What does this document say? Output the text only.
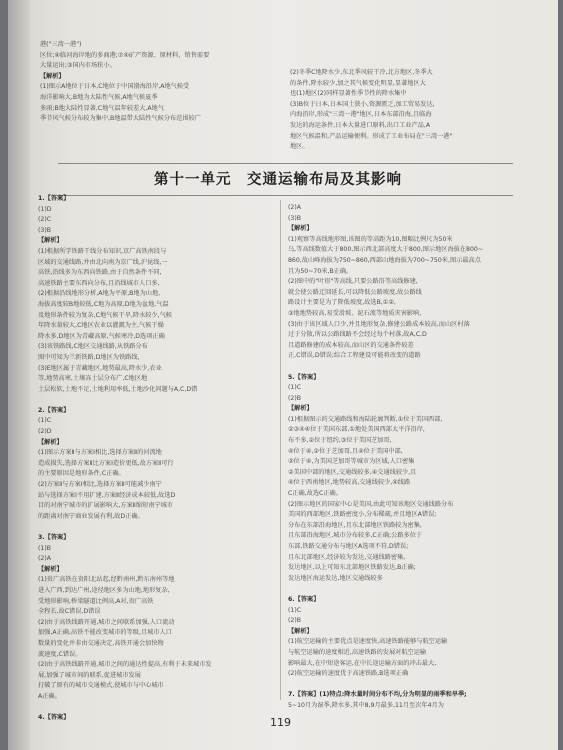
港("三湾一港")
区位;④临河海岸地的多商港;⑦④矿产资源、原材料、销售需要
大量运出;③国内市场狭小。
【解析】
(1)图示A地位于日本,C地位于中国渤海沿岸,A地气候受
海洋影响大,B地为大陆性气候,A地气候夏季
多雨;B地大陆性显著,C地气温年较差大,A地气
季节风气候分布较为集中,B地温带大陆性气候分布范围较广
(2)冬季C地降水少,东北季风较干冷,北方地区,冬季大
的条件,降水较少,加之其气候变化明显,显著地区大
也(1)地区(2)同样显著性季节性的降水集中
(3)B位于日本,日本国土狭小,资源匮乏,加工贸易发达,
内海沿岸,形成"三湾一港"地区,日本东部沿海,且临海
发达的海运条件,日本大量进口原料,出口工业产品,A
地区气候温和,产品运输便利。形成了工业布局在"三湾一港"
地区。
第十一单元　交通运输布局及其影响
1.【答案】
(1)D
(2)C
(3)B
【解析】
(1)根据所学铁路干线分布知识,京广高铁南段与
区域的交通线路,并由北向南为京广线,沪昆线,一
高铁,沿线多为东西向铁路,由于自然条件不同,
高速铁路主要东西向分布,且沿线城市人口多,
(2)根据沿线地形分析,A地为平原,B地为山地,
海拔高度较B地较低,C地为高原,D地为盆地,气温
及地形条件较为复杂,C地气候干旱,降水较少,气候
年降水量较大,C地区农业以灌溉为主,气候干燥
降水多,D地区为青藏高原,气候寒冷,D选项正确
(3)该铁路线,C地区交通线路,从铁路分布
图中可知为兰新铁路,D地区为铁路线,
(3)E地区属于青藏地区,地势最高,降水少,农业
等,地势高寒,土壤冻土层分布广,C地区地
土层松软,土地不足,土地利用率低,土地沙化问题与A,C,D错

2.【答案】
(1)C
(2)D
【解析】
(1)图示方案Ⅱ与方案Ⅰ相比,选择方案Ⅱ的河流地
造成损失,选择方案Ⅱ比方案Ⅰ造价更低,故方案Ⅱ可行
的主要原因是地形条件,C正确。
(2)方案Ⅱ与方案Ⅰ相比,选择方案Ⅱ可能减少南宁
站与选择方案Ⅰ不用扩建,方案Ⅱ经济成本较低,故选D
目的对南宁城市的扩展影响大,方案Ⅱ缩短南宁城市
的距离对南宁商业发展有利,故D正确。

3.【答案】
(1)B
(2)A
【解析】
(1)贵广高铁在贵阳北站起,经黔南州,黔东南州等地
进入广西,到达广州,途径地区多为山地,地形复杂,
受地形影响,桥梁隧道比例高,A对,贵广高铁
全程长,故C错误,D错误
(2)由于高铁线路开通,城市之间联系加强,人口流动
加强,A正确,高铁不能改变城市的等级,且城市人口
数量的变化并非由交通决定,高铁开通会加快物
流速度,C错误。
(2)由于高铁线路开通,城市之间的通达性提高,有利于未来城市发
展,加强了城市间的联系,促进城市发展
打破了原有的城市交通模式,使城市与中心城市
A正确。

4.【答案】
(2)A
(3)B
【解析】
(1)观察等高线地形图,该图的等高距为10,图幅比例尺为50米
乌,等高线数值大于800,图示西北部高度大于800,图示地区海拔在800~
860,故山峰海拔为750~860,西部山地海拔为700~750米,图示最高点
且为50~70米,B正确。
(2)图中的"叶形"等高线,只要公路沿等高线修建,
就会使公路迂回延长,可以降低公路坡度,故公路线
路设计主要是为了降低坡度,故选B,①②,
③地地势较高,易受滑坡、泥石流等地质灾害影响,
(3)由于该区域人口少,并且地形复杂,修建公路成本较高,而山区村落
过于分散,所以公路线路不会经过每个村落,故A,C,D
且道路修建的成本较高,而山区的交通条件较差
正,C错误,D错误;综合工程建设可能将改变的道路

5.【答案】
(1)C
(2)B
【解析】
(1)根据图示的交通路线和海陆轮廓判断,①位于美国西部,
②③④④位于美国东部,①地处美国西部太平洋沿岸,
布不多,②位于纽约,③位于美国芝加哥,
④位于④,②位于芝加哥,且④位于美国中部,
②位于④,为美国芝加哥等城市为区域,人口密集
②美国中部的地区,交通线较多,④交通线较少,且
④位于西南地区,地势较高,交通线较少,④线路
C正确,故选C正确。
(2)图示地区的国家中心是美国,由此可知该地区交通线路分布
美国的西部地区,铁路密度小,分布稀疏,并且地区A错误;
分布在东部沿海地区,且东北部地区铁路较为密集,
且东部沿海地区,城市分布较多,C正确;公路多位于
东部,铁路交通分布与地区A选项不符,D错误;
且东北部地区,经济较为发达,交通线路密集,
发达地区,以上可知东北部地区铁路发达,B正确;
发达地区海运发达,地区交通线较多

6.【答案】
(1)C
(2)B
【解析】
(1)航空运输的主要优点是速度快,高速铁路能够与航空运输
与航空运输的速度相近,高速铁路的发展对航空运输
影响最大,在中短途客运,在中长途运输方面的冲击最大,
(2)航空运输的速度优于高速铁路,B选项正确

7.【答案】(1)特点:降水量时间分布不均,分为明显的雨季和旱季;
5~10月为湿季,降水多,其中8,9月最多,11月至次年4月为
119
